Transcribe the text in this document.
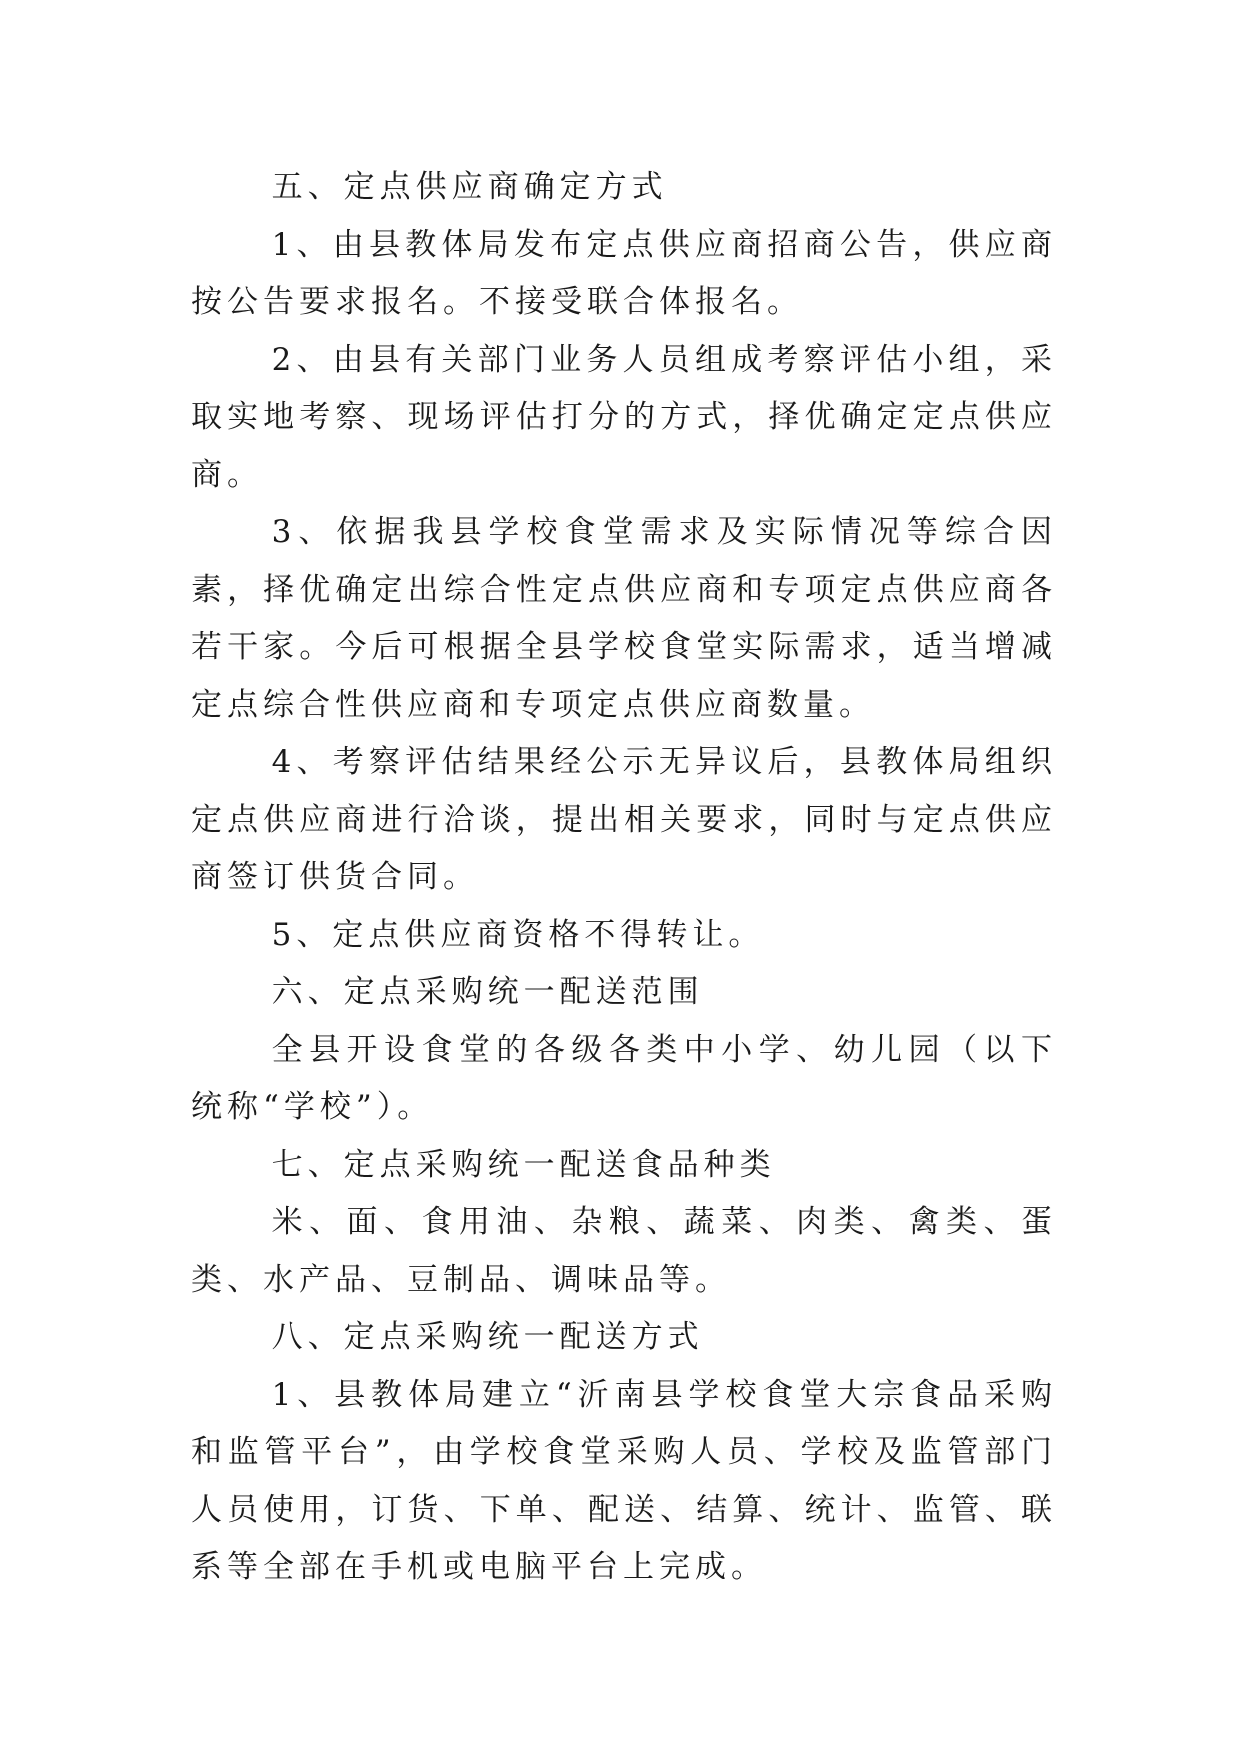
五、定点供应商确定方式

1、由县教体局发布定点供应商招商公告，供应商按公告要求报名。不接受联合体报名。

2、由县有关部门业务人员组成考察评估小组，采取实地考察、现场评估打分的方式，择优确定定点供应商。

3、依据我县学校食堂需求及实际情况等综合因素，择优确定出综合性定点供应商和专项定点供应商各若干家。今后可根据全县学校食堂实际需求，适当增减定点综合性供应商和专项定点供应商数量。

4、考察评估结果经公示无异议后，县教体局组织定点供应商进行洽谈，提出相关要求，同时与定点供应商签订供货合同。

5、定点供应商资格不得转让。

六、定点采购统一配送范围

全县开设食堂的各级各类中小学、幼儿园（以下统称“学校”）。

七、定点采购统一配送食品种类

米、面、食用油、杂粮、蔬菜、肉类、禽类、蛋类、水产品、豆制品、调味品等。

八、定点采购统一配送方式

1、县教体局建立“沂南县学校食堂大宗食品采购和监管平台”，由学校食堂采购人员、学校及监管部门人员使用，订货、下单、配送、结算、统计、监管、联系等全部在手机或电脑平台上完成。
